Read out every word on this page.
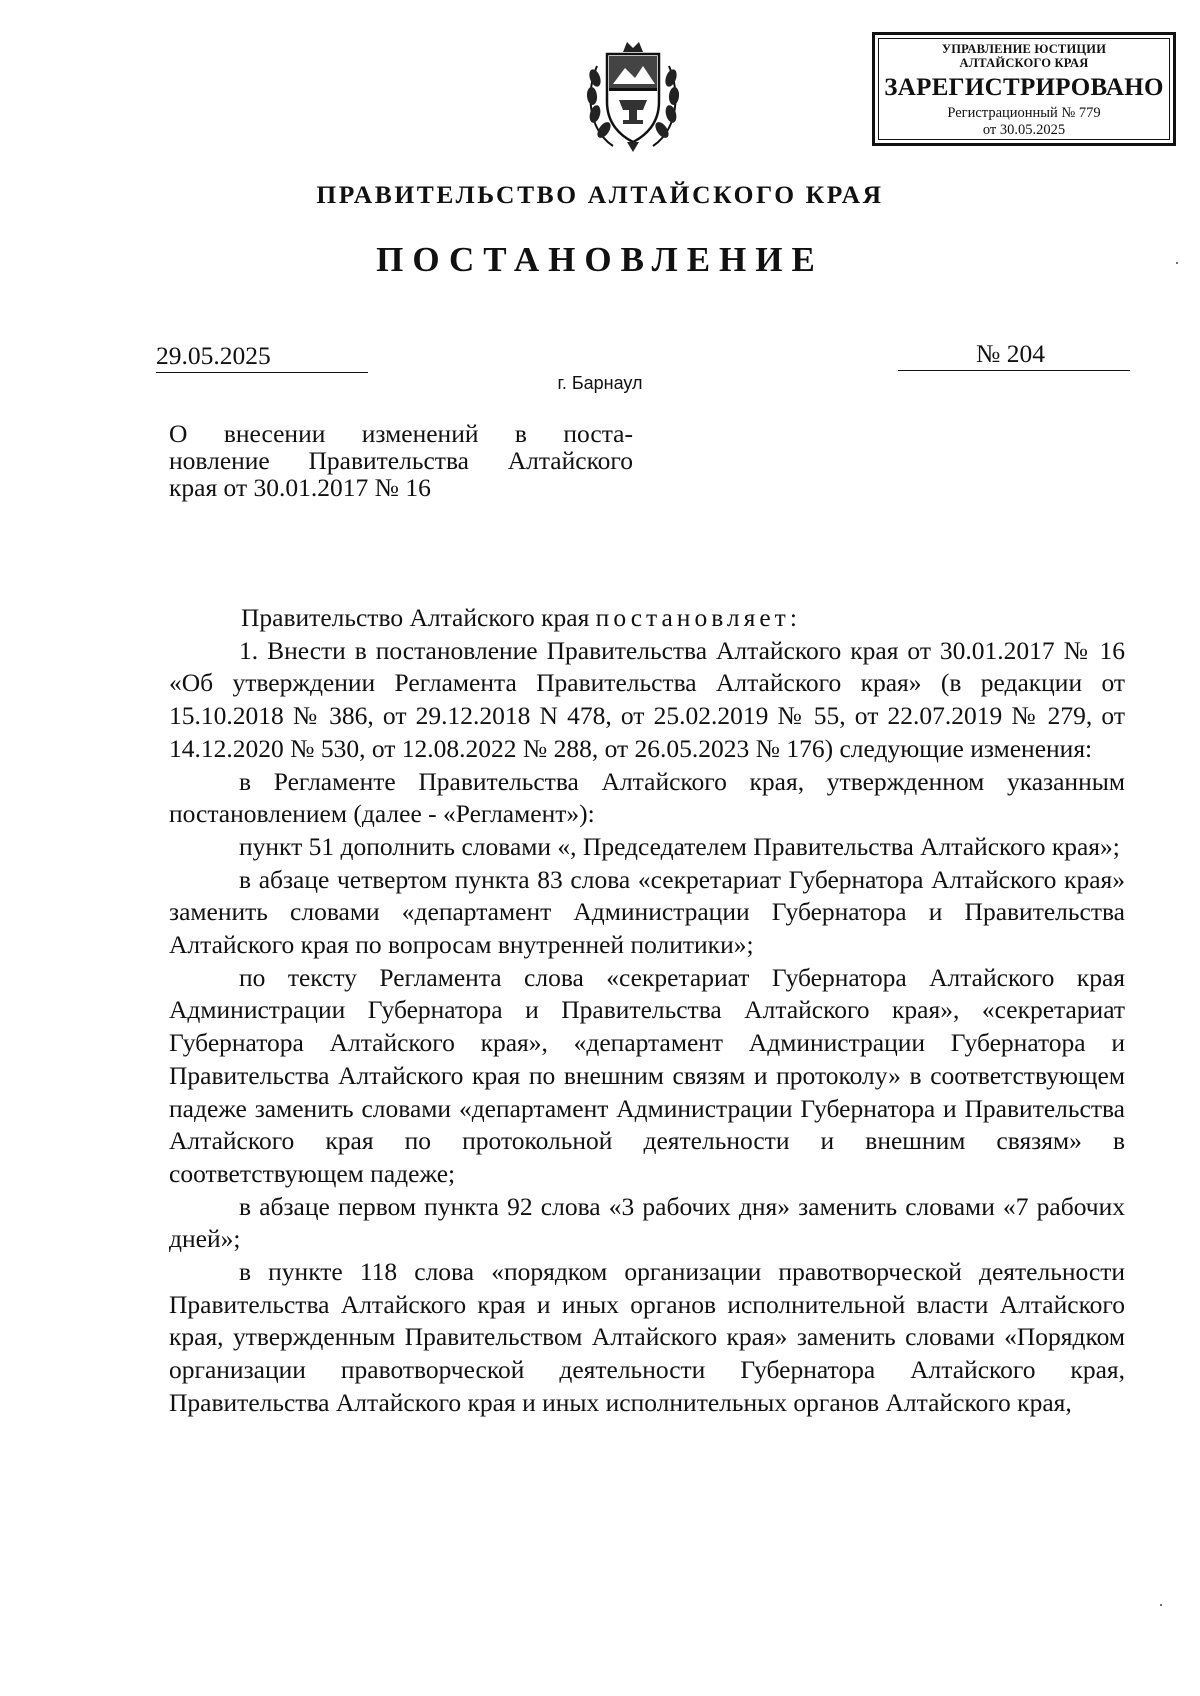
УПРАВЛЕНИЕ ЮСТИЦИИ
АЛТАЙСКОГО КРАЯ
ЗАРЕГИСТРИРОВАНО
Регистрационный № 779
от 30.05.2025
ПРАВИТЕЛЬСТВО АЛТАЙСКОГО КРАЯ
ПОСТАНОВЛЕНИЕ
29.05.2025	№ 204
г. Барнаул
О внесении изменений в поста-
новление Правительства Алтайского
края от 30.01.2017 № 16

Правительство Алтайского края постановляет:

1. Внести в постановление Правительства Алтайского края от 30.01.2017 № 16 «Об утверждении Регламента Правительства Алтайского края» (в редакции от 15.10.2018 № 386, от 29.12.2018 N 478, от 25.02.2019 № 55, от 22.07.2019 № 279, от 14.12.2020 № 530, от 12.08.2022 № 288, от 26.05.2023 № 176) следующие изменения:

в Регламенте Правительства Алтайского края, утвержденном указанным постановлением (далее - «Регламент»):

пункт 51 дополнить словами «, Председателем Правительства Алтайского края»;

в абзаце четвертом пункта 83 слова «секретариат Губернатора Алтайского края» заменить словами «департамент Администрации Губернатора и Правительства Алтайского края по вопросам внутренней политики»;

по тексту Регламента слова «секретариат Губернатора Алтайского края Администрации Губернатора и Правительства Алтайского края», «секретариат Губернатора Алтайского края», «департамент Администрации Губернатора и Правительства Алтайского края по внешним связям и протоколу» в соответствующем падеже заменить словами «департамент Администрации Губернатора и Правительства Алтайского края по протокольной деятельности и внешним связям» в соответствующем падеже;

в абзаце первом пункта 92 слова «3 рабочих дня» заменить словами «7 рабочих дней»;

в пункте 118 слова «порядком организации правотворческой деятельности Правительства Алтайского края и иных органов исполнительной власти Алтайского края, утвержденным Правительством Алтайского края» заменить словами «Порядком организации правотворческой деятельности Губернатора Алтайского края, Правительства Алтайского края и иных исполнительных органов Алтайского края,
